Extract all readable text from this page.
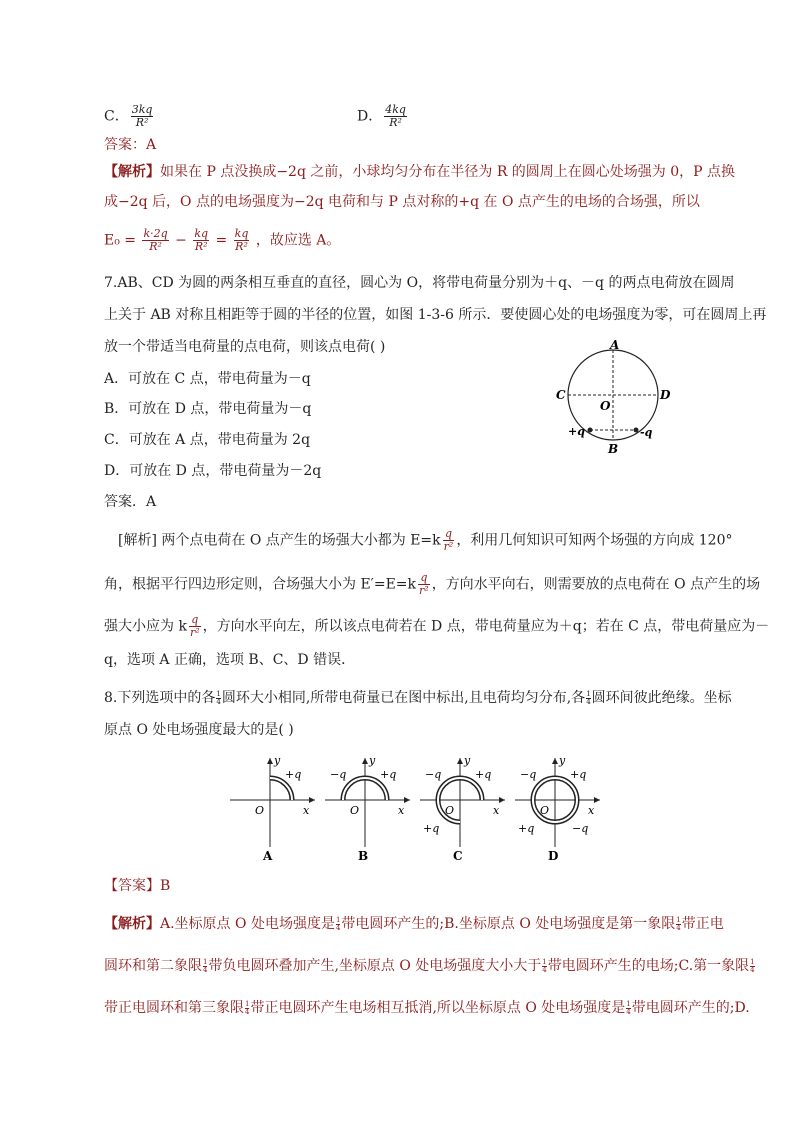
C． $\frac{3kq}{\text{R²}}$	D． $\frac{4kq}{\text{R²}}$
答案：A
【解析】如果在 P 点没换成−2q 之前，小球均匀分布在半径为 R 的圆周上在圆心处场强为 0，P 点换
成−2q 后，O 点的电场强度为−2q 电荷和与 P 点对称的+q 在 O 点产生的电场的合场强，所以
$E_0 = \frac{k\cdot 2q}{\text{R²}} - \frac{kq}{\text{R²}} = \frac{kq}{\text{R²}}$ ，故应选 A。
7.AB、CD 为圆的两条相互垂直的直径，圆心为 O，将带电荷量分别为＋q、－q 的两点电荷放在圆周
上关于 AB 对称且相距等于圆的半径的位置，如图 1-3-6 所示．要使圆心处的电场强度为零，可在圆周上再
放一个带适当电荷量的点电荷，则该点电荷( )
A．可放在 C 点，带电荷量为－q
B．可放在 D 点，带电荷量为－q
C．可放在 A 点，带电荷量为 2q
D．可放在 D 点，带电荷量为－2q
答案．A
A
B
C	D
O
+q	-q
[解析] 两个点电荷在 O 点产生的场强大小都为 $E=k \frac{q}{\text{r²}}$ ，利用几何知识可知两个场强的方向成 120°
角，根据平行四边形定则，合场强大小为 $E'=E=k \frac{q}{\text{r²}}$ ，方向水平向右，则需要放的点电荷在 O 点产生的场
强大小应为 k $\frac{q}{\text{r²}}$ ，方向水平向左，所以该点电荷若在 D 点，带电荷量应为＋q；若在 C 点，带电荷量应为－
q，选项 A 正确，选项 B、C、D 错误．
8.下列选项中的各 $\frac{1}{4}$ 圆环大小相同,所带电荷量已在图中标出,且电荷均匀分布,各 $\frac{1}{4}$ 圆环间彼此绝缘。坐标
原点 O 处电场强度最大的是( )
y
x
O
+q
A
y
x
O
−q	+q
B
y
x
O
−q	+q
+q
C
y
x
O
−q	+q
+q	−q
D
【答案】B
【解析】A.坐标原点 O 处电场强度是 $\frac{1}{4}$ 带电圆环产生的;B.坐标原点 O 处电场强度是第一象限 $\frac{1}{4}$ 带正电
圆环和第二象限 $\frac{1}{4}$ 带负电圆环叠加产生,坐标原点 O 处电场强度大小大于 $\frac{1}{4}$ 带电圆环产生的电场;C.第一象限 $\frac{1}{4}$
带正电圆环和第三象限 $\frac{1}{4}$ 带正电圆环产生电场相互抵消,所以坐标原点 O 处电场强度是 $\frac{1}{4}$ 带电圆环产生的;D.
